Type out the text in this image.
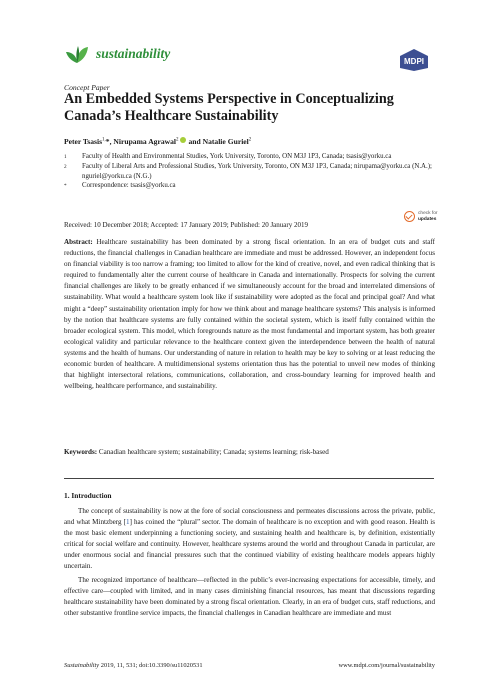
sustainability
MDPI
Concept Paper
An Embedded Systems Perspective in Conceptualizing Canada’s Healthcare Sustainability
Peter Tsasis$^{1,}$*, Nirupama Agrawal$^2$ and Natalie Guriel$^2$
1	Faculty of Health and Environmental Studies, York University, Toronto, ON M3J 1P3, Canada; tsasis@yorku.ca
2	Faculty of Liberal Arts and Professional Studies, York University, Toronto, ON M3J 1P3, Canada; nirupama@yorku.ca (N.A.); nguriel@yorku.ca (N.G.)
*	Correspondence: tsasis@yorku.ca
Received: 10 December 2018; Accepted: 17 January 2019; Published: 20 January 2019
check for
updates
Abstract: Healthcare sustainability has been dominated by a strong fiscal orientation. In an era of budget cuts and staff reductions, the financial challenges in Canadian healthcare are immediate and must be addressed. However, an independent focus on financial viability is too narrow a framing; too limited to allow for the kind of creative, novel, and even radical thinking that is required to fundamentally alter the current course of healthcare in Canada and internationally. Prospects for solving the current financial challenges are likely to be greatly enhanced if we simultaneously account for the broad and interrelated dimensions of sustainability. What would a healthcare system look like if sustainability were adopted as the focal and principal goal? And what might a “deep” sustainability orientation imply for how we think about and manage healthcare systems? This analysis is informed by the notion that healthcare systems are fully contained within the societal system, which is itself fully contained within the broader ecological system. This model, which foregrounds nature as the most fundamental and important system, has both greater ecological validity and particular relevance to the healthcare context given the interdependence between the health of natural systems and the health of humans. Our understanding of nature in relation to health may be key to solving or at least reducing the economic burden of healthcare. A multidimensional systems orientation thus has the potential to unveil new modes of thinking that highlight intersectoral relations, communications, collaboration, and cross-boundary learning for improved health and wellbeing, healthcare performance, and sustainability.
Keywords: Canadian healthcare system; sustainability; Canada; systems learning; risk-based
1. Introduction

The concept of sustainability is now at the fore of social consciousness and permeates discussions across the private, public, and what Mintzberg [1] has coined the “plural” sector. The domain of healthcare is no exception and with good reason. Health is the most basic element underpinning a functioning society, and sustaining health and healthcare is, by definition, existentially critical for social welfare and continuity. However, healthcare systems around the world and throughout Canada in particular, are under enormous social and financial pressures such that the continued viability of existing healthcare models appears highly uncertain.

The recognized importance of healthcare—reflected in the public’s ever-increasing expectations for accessible, timely, and effective care—coupled with limited, and in many cases diminishing financial resources, has meant that discussions regarding healthcare sustainability have been dominated by a strong fiscal orientation. Clearly, in an era of budget cuts, staff reductions, and other substantive frontline service impacts, the financial challenges in Canadian healthcare are immediate and must

Sustainability 2019, 11, 531; doi:10.3390/su11020531	www.mdpi.com/journal/sustainability
